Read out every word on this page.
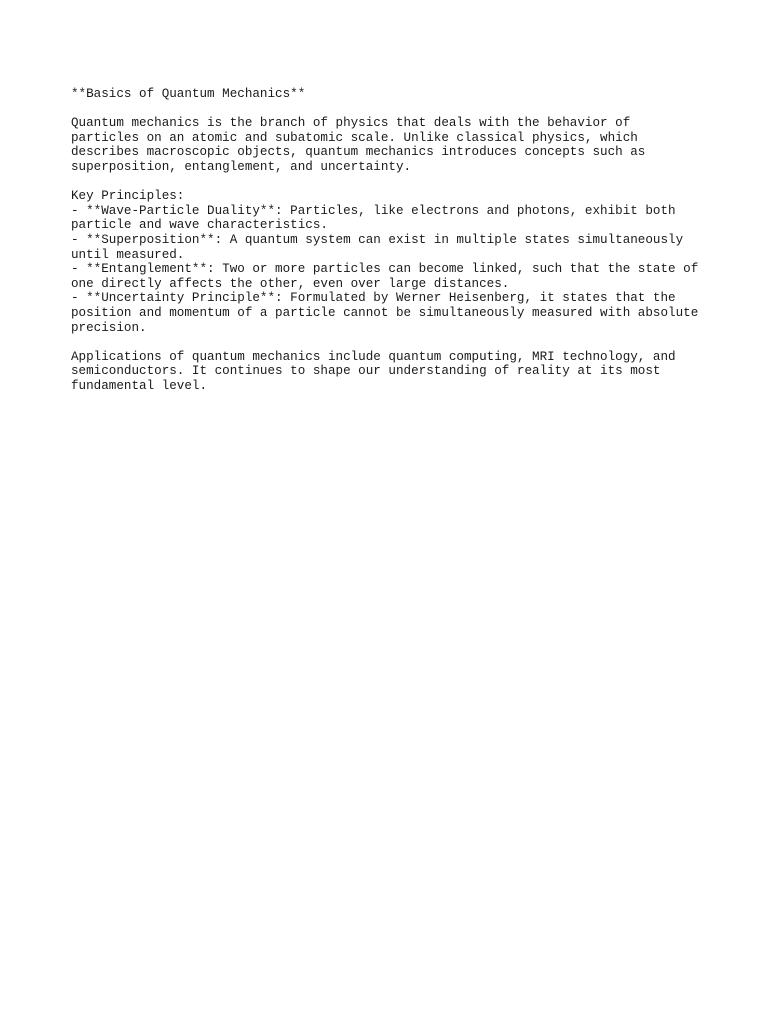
**Basics of Quantum Mechanics**
Quantum mechanics is the branch of physics that deals with the behavior of
particles on an atomic and subatomic scale. Unlike classical physics, which
describes macroscopic objects, quantum mechanics introduces concepts such as
superposition, entanglement, and uncertainty.
Key Principles:
- **Wave-Particle Duality**: Particles, like electrons and photons, exhibit both
particle and wave characteristics.
- **Superposition**: A quantum system can exist in multiple states simultaneously
until measured.
- **Entanglement**: Two or more particles can become linked, such that the state of
one directly affects the other, even over large distances.
- **Uncertainty Principle**: Formulated by Werner Heisenberg, it states that the
position and momentum of a particle cannot be simultaneously measured with absolute
precision.
Applications of quantum mechanics include quantum computing, MRI technology, and
semiconductors. It continues to shape our understanding of reality at its most
fundamental level.
